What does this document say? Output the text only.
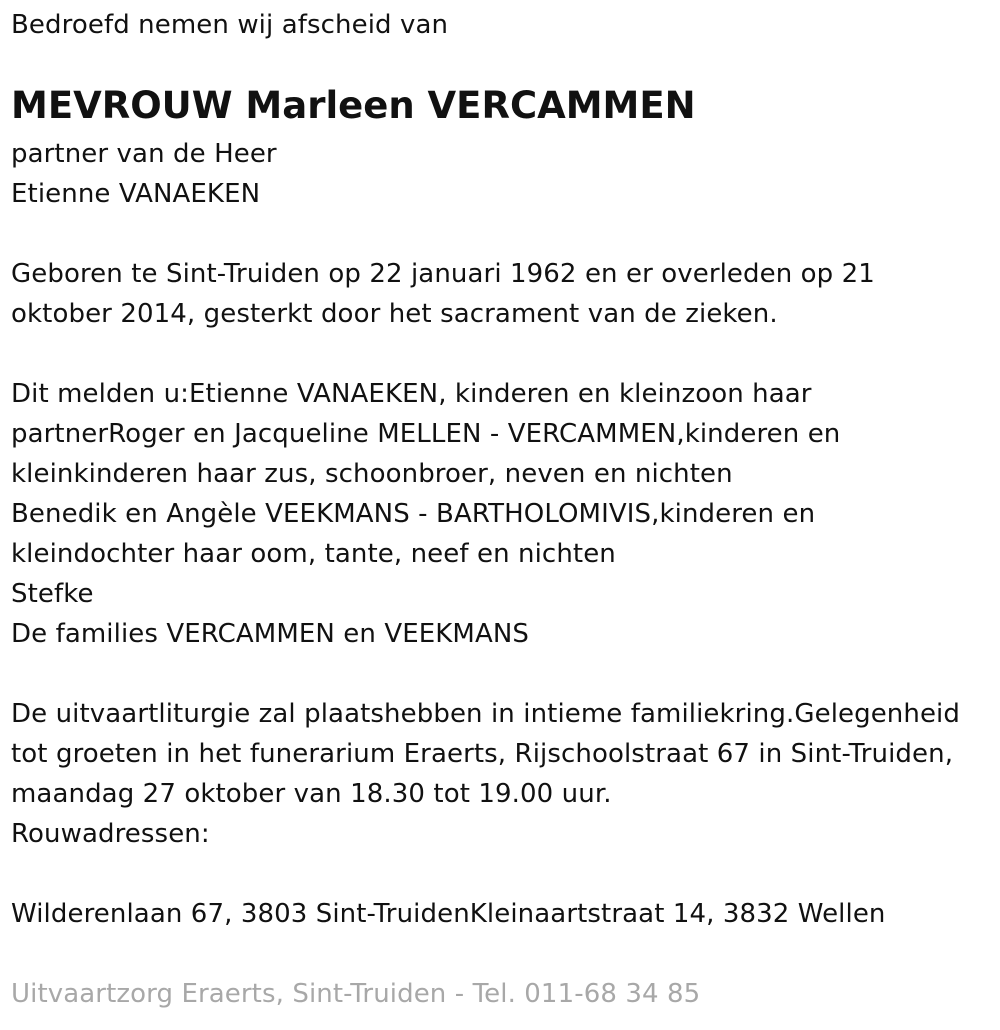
Bedroefd nemen wij afscheid van
MEVROUW Marleen VERCAMMEN
partner van de Heer
Etienne VANAEKEN
Geboren te Sint-Truiden op 22 januari 1962 en er overleden op 21
oktober 2014, gesterkt door het sacrament van de zieken.
Dit melden u:Etienne VANAEKEN, kinderen en kleinzoon haar
partnerRoger en Jacqueline MELLEN - VERCAMMEN,kinderen en
kleinkinderen haar zus, schoonbroer, neven en nichten
Benedik en Angèle VEEKMANS - BARTHOLOMIVIS,kinderen en
kleindochter haar oom, tante, neef en nichten
Stefke
De families VERCAMMEN en VEEKMANS
De uitvaartliturgie zal plaatshebben in intieme familiekring.Gelegenheid
tot groeten in het funerarium Eraerts, Rijschoolstraat 67 in Sint-Truiden,
maandag 27 oktober van 18.30 tot 19.00 uur.
Rouwadressen:
Wilderenlaan 67, 3803 Sint-TruidenKleinaartstraat 14, 3832 Wellen
Uitvaartzorg Eraerts, Sint-Truiden - Tel. 011-68 34 85
